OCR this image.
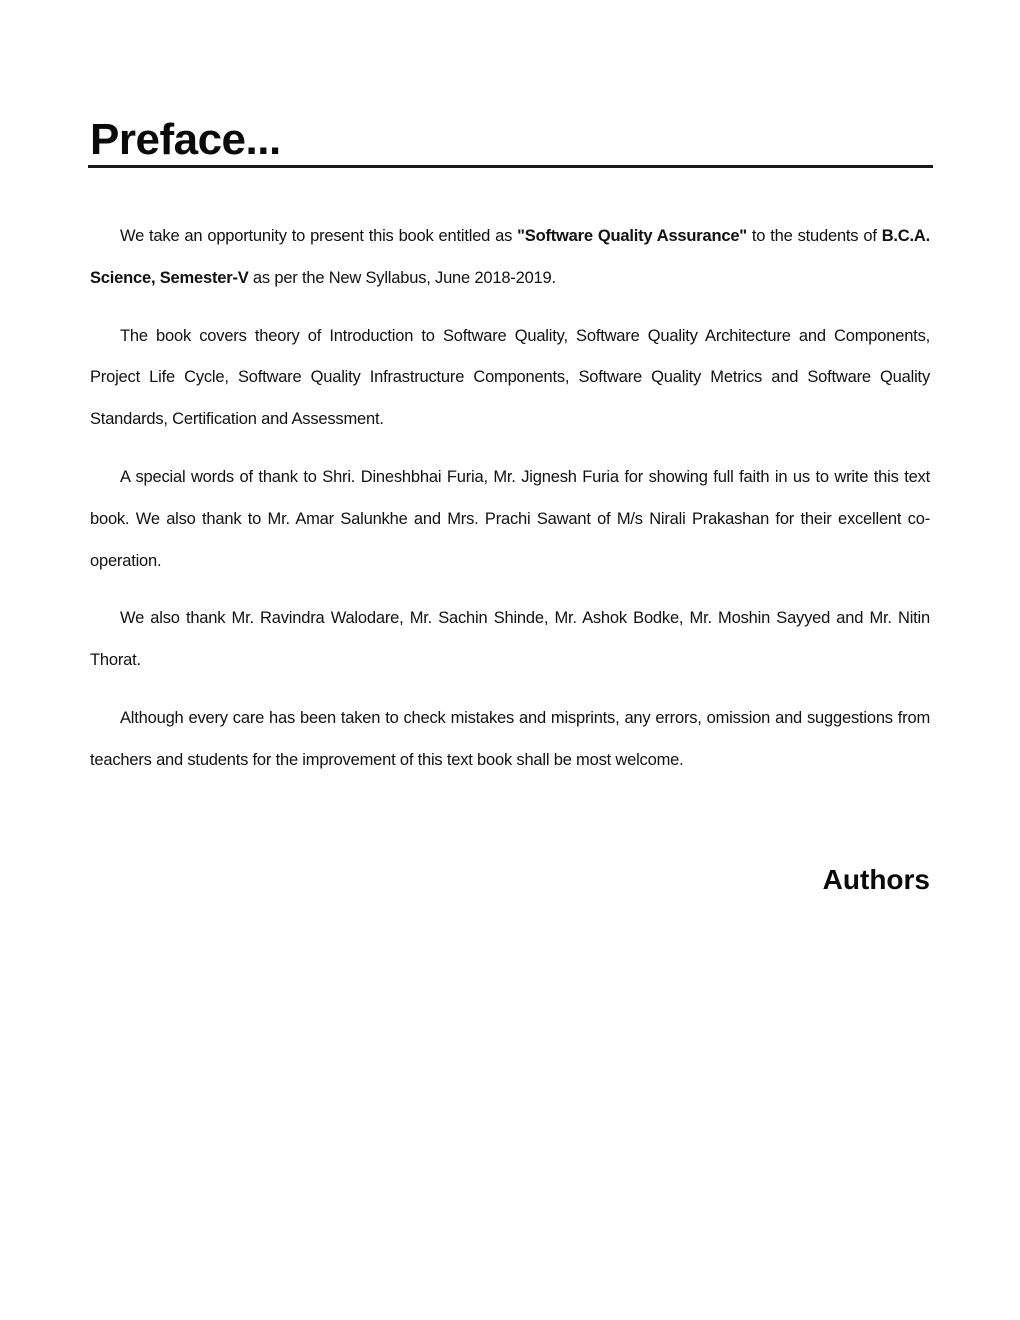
Preface...

We take an opportunity to present this book entitled as "Software Quality Assurance" to the students of B.C.A. Science, Semester-V as per the New Syllabus, June 2018-2019.

The book covers theory of Introduction to Software Quality, Software Quality Architecture and Components, Project Life Cycle, Software Quality Infrastructure Components, Software Quality Metrics and Software Quality Standards, Certification and Assessment.

A special words of thank to Shri. Dineshbhai Furia, Mr. Jignesh Furia for showing full faith in us to write this text book. We also thank to Mr. Amar Salunkhe and Mrs. Prachi Sawant of M/s Nirali Prakashan for their excellent co-operation.

We also thank Mr. Ravindra Walodare, Mr. Sachin Shinde, Mr. Ashok Bodke, Mr. Moshin Sayyed and Mr. Nitin Thorat.

Although every care has been taken to check mistakes and misprints, any errors, omission and suggestions from teachers and students for the improvement of this text book shall be most welcome.

Authors
